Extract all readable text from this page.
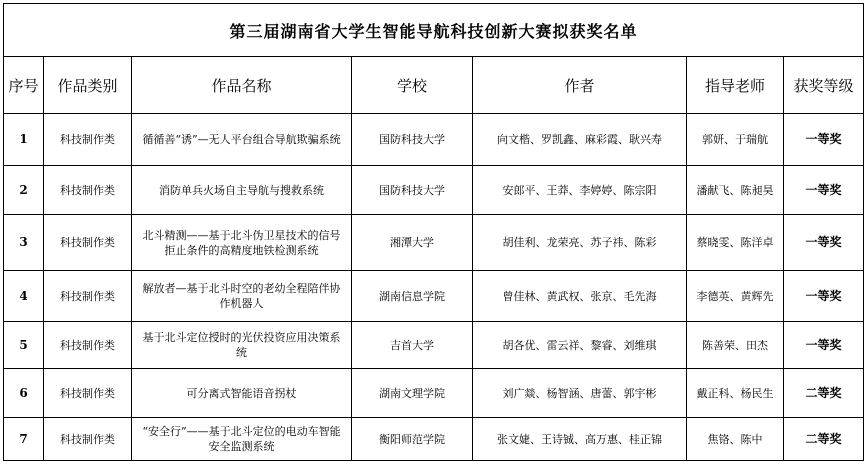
第三届湖南省大学生智能导航科技创新大赛拟获奖名单						
序号	作品类别	作品名称	学校	作者	指导老师	获奖等级
1	科技制作类	循循善“诱”—无人平台组合导航欺骗系统	国防科技大学	向文楷、罗凯鑫、麻彩霞、耿兴寿	郭妍、于瑞航	一等奖
2	科技制作类	消防单兵火场自主导航与搜救系统	国防科技大学	安郎平、王莽、李婷婷、陈宗阳	潘献飞、陈昶昊	一等奖
3	科技制作类	北斗精测——基于北斗伪卫星技术的信号拒止条件的高精度地铁检测系统	湘潭大学	胡佳利、龙荣亮、苏子祎、陈彩	蔡晓雯、陈洋卓	一等奖
4	科技制作类	解放者—基于北斗时空的老幼全程陪伴协作机器人	湖南信息学院	曾佳林、黄武权、张京、毛先海	李德英、黄辉先	一等奖
5	科技制作类	基于北斗定位授时的光伏投资应用决策系统	吉首大学	胡各优、雷云祥、黎睿、刘维琪	陈善荣、田杰	一等奖
6	科技制作类	可分离式智能语音拐杖	湖南文理学院	刘广燚、杨智涵、唐蕾、郭宇彬	戴正科、杨民生	二等奖
7	科技制作类	“安全行”——基于北斗定位的电动车智能安全监测系统	衡阳师范学院	张文婕、王诗铖、高万惠、桂正锦	焦铬、陈中	二等奖
